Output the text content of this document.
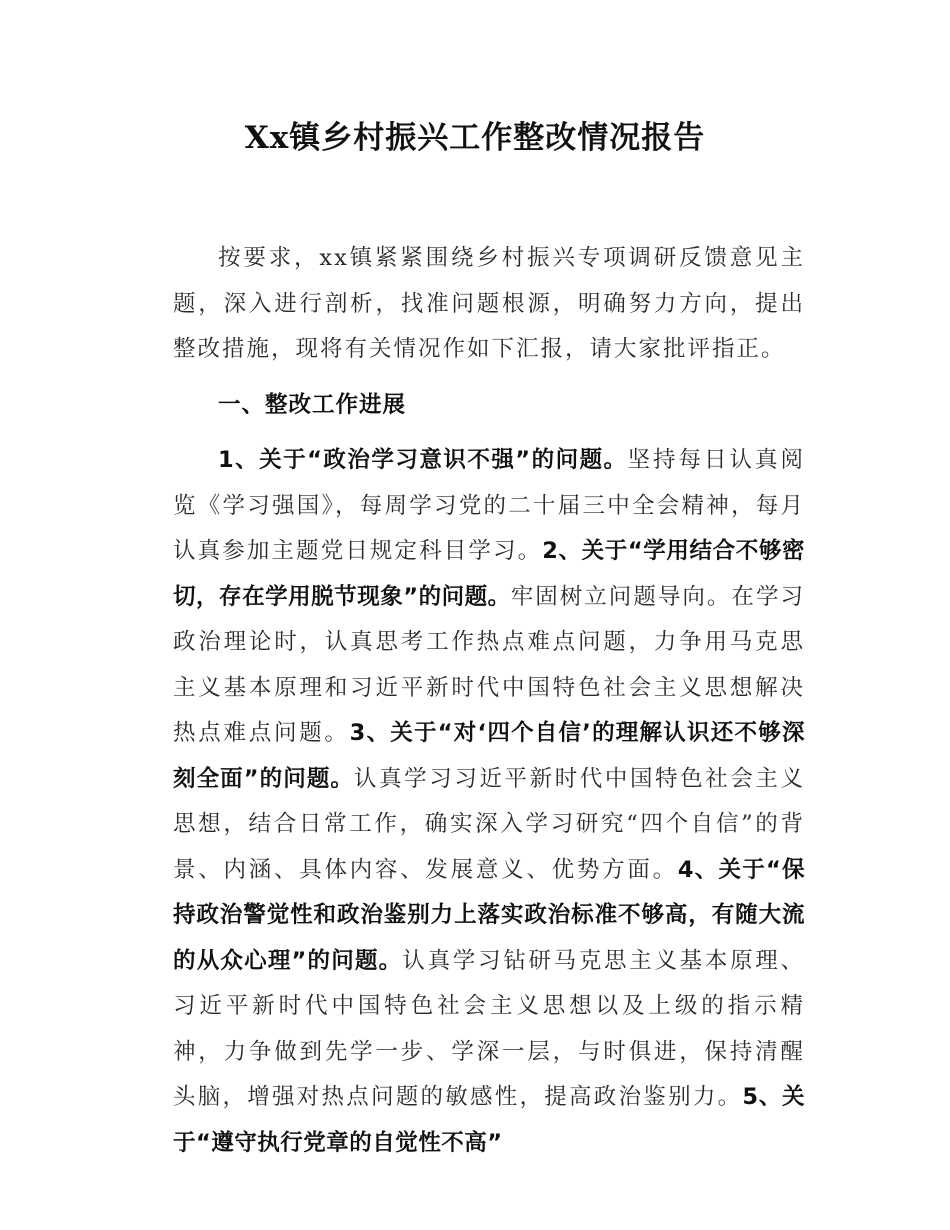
Xx镇乡村振兴工作整改情况报告

按要求，xx镇紧紧围绕乡村振兴专项调研反馈意见主题，深入进行剖析，找准问题根源，明确努力方向，提出整改措施，现将有关情况作如下汇报，请大家批评指正。

一、整改工作进展

1、关于“政治学习意识不强”的问题。坚持每日认真阅览《学习强国》，每周学习党的二十届三中全会精神，每月认真参加主题党日规定科目学习。2、关于“学用结合不够密切，存在学用脱节现象”的问题。牢固树立问题导向。在学习政治理论时，认真思考工作热点难点问题，力争用马克思主义基本原理和习近平新时代中国特色社会主义思想解决热点难点问题。3、关于“对‘四个自信’的理解认识还不够深刻全面”的问题。认真学习习近平新时代中国特色社会主义思想，结合日常工作，确实深入学习研究“四个自信”的背景、内涵、具体内容、发展意义、优势方面。4、关于“保持政治警觉性和政治鉴别力上落实政治标准不够高，有随大流的从众心理”的问题。认真学习钻研马克思主义基本原理、习近平新时代中国特色社会主义思想以及上级的指示精神，力争做到先学一步、学深一层，与时俱进，保持清醒头脑，增强对热点问题的敏感性，提高政治鉴别力。5、关于“遵守执行党章的自觉性不高”
